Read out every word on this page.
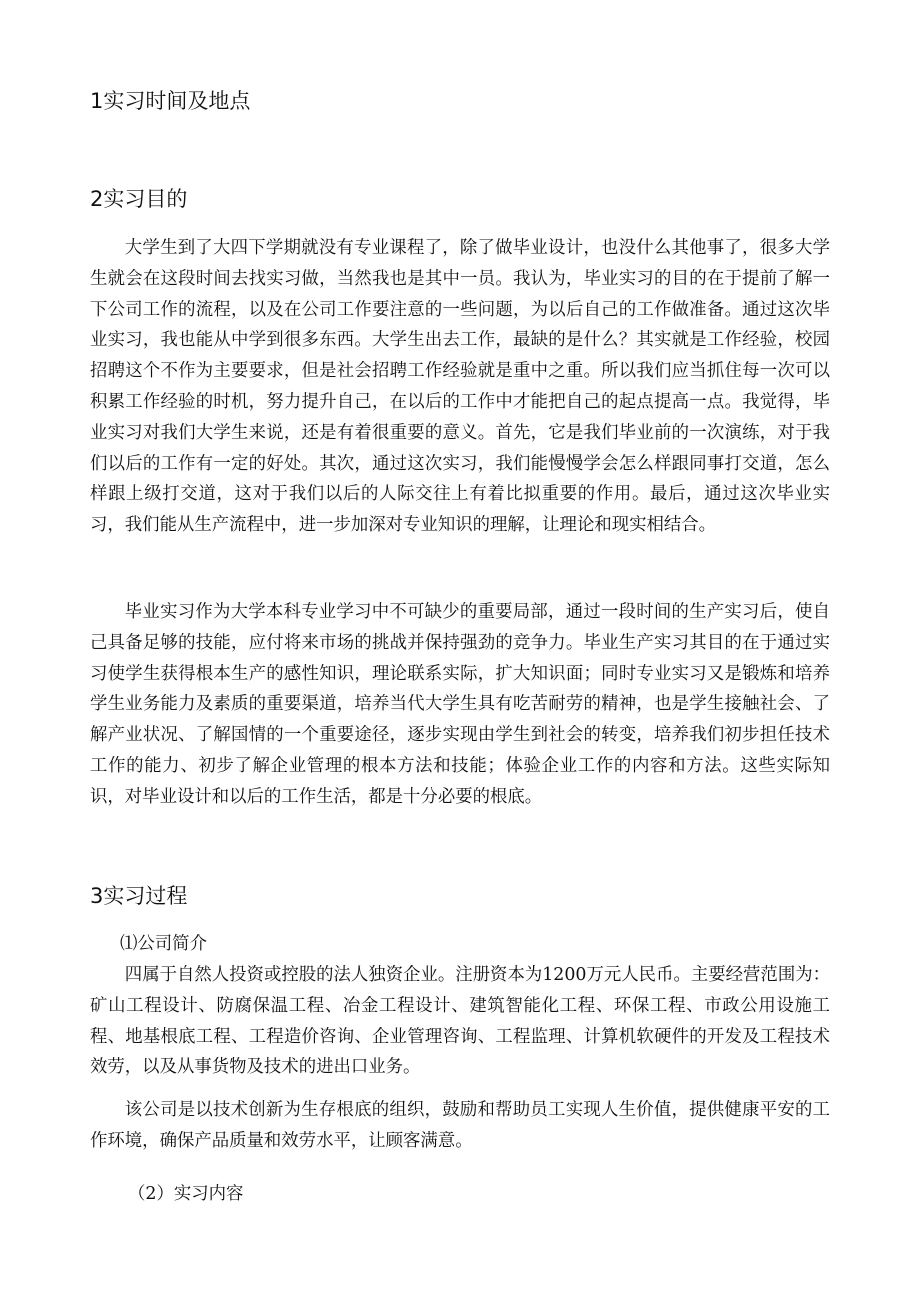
1实习时间及地点
2实习目的

大学生到了大四下学期就没有专业课程了，除了做毕业设计，也没什么其他事了，很多大学生就会在这段时间去找实习做，当然我也是其中一员。我认为，毕业实习的目的在于提前了解一下公司工作的流程，以及在公司工作要注意的一些问题，为以后自己的工作做准备。通过这次毕业实习，我也能从中学到很多东西。大学生出去工作，最缺的是什么？其实就是工作经验，校园招聘这个不作为主要要求，但是社会招聘工作经验就是重中之重。所以我们应当抓住每一次可以积累工作经验的时机，努力提升自己，在以后的工作中才能把自己的起点提高一点。我觉得，毕业实习对我们大学生来说，还是有着很重要的意义。首先，它是我们毕业前的一次演练，对于我们以后的工作有一定的好处。其次，通过这次实习，我们能慢慢学会怎么样跟同事打交道，怎么样跟上级打交道，这对于我们以后的人际交往上有着比拟重要的作用。最后，通过这次毕业实习，我们能从生产流程中，进一步加深对专业知识的理解，让理论和现实相结合。

毕业实习作为大学本科专业学习中不可缺少的重要局部，通过一段时间的生产实习后，使自己具备足够的技能，应付将来市场的挑战并保持强劲的竞争力。毕业生产实习其目的在于通过实习使学生获得根本生产的感性知识，理论联系实际，扩大知识面；同时专业实习又是锻炼和培养学生业务能力及素质的重要渠道，培养当代大学生具有吃苦耐劳的精神，也是学生接触社会、了解产业状况、了解国情的一个重要途径，逐步实现由学生到社会的转变，培养我们初步担任技术工作的能力、初步了解企业管理的根本方法和技能；体验企业工作的内容和方法。这些实际知识，对毕业设计和以后的工作生活，都是十分必要的根底。

3实习过程

⑴公司简介

四属于自然人投资或控股的法人独资企业。注册资本为1200万元人民币。主要经营范围为：矿山工程设计、防腐保温工程、冶金工程设计、建筑智能化工程、环保工程、市政公用设施工程、地基根底工程、工程造价咨询、企业管理咨询、工程监理、计算机软硬件的开发及工程技术效劳，以及从事货物及技术的进出口业务。

该公司是以技术创新为生存根底的组织，鼓励和帮助员工实现人生价值，提供健康平安的工作环境，确保产品质量和效劳水平，让顾客满意。

（2）实习内容
